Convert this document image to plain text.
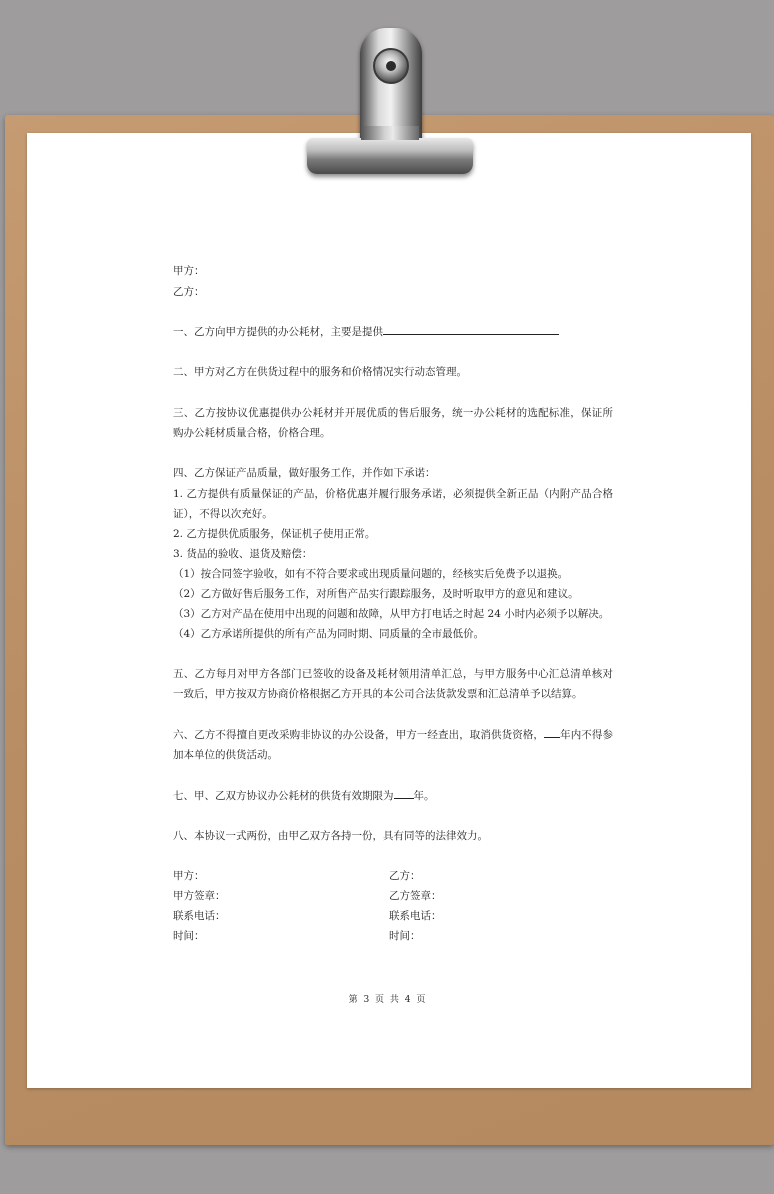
甲方：
乙方：
一、乙方向甲方提供的办公耗材，主要是提供
二、甲方对乙方在供货过程中的服务和价格情况实行动态管理。
三、乙方按协议优惠提供办公耗材并开展优质的售后服务，统一办公耗材的选配标准，保证所购办公耗材质量合格，价格合理。
四、乙方保证产品质量，做好服务工作，并作如下承诺：
1. 乙方提供有质量保证的产品，价格优惠并履行服务承诺，必须提供全新正品（内附产品合格证），不得以次充好。
2. 乙方提供优质服务，保证机子使用正常。
3. 货品的验收、退货及赔偿：
（1）按合同签字验收，如有不符合要求或出现质量问题的，经核实后免费予以退换。
（2）乙方做好售后服务工作，对所售产品实行跟踪服务，及时听取甲方的意见和建议。
（3）乙方对产品在使用中出现的问题和故障，从甲方打电话之时起 24 小时内必须予以解决。
（4）乙方承诺所提供的所有产品为同时期、同质量的全市最低价。
五、乙方每月对甲方各部门已签收的设备及耗材领用清单汇总，与甲方服务中心汇总清单核对一致后，甲方按双方协商价格根据乙方开具的本公司合法货款发票和汇总清单予以结算。
六、乙方不得擅自更改采购非协议的办公设备，甲方一经查出，取消供货资格， 年内不得参加本单位的供货活动。
七、甲、乙双方协议办公耗材的供货有效期限为 年。
八、本协议一式两份，由甲乙双方各持一份，具有同等的法律效力。
甲方：
甲方签章：
联系电话：
时间：
乙方：
乙方签章：
联系电话：
时间：
第 3 页 共 4 页
